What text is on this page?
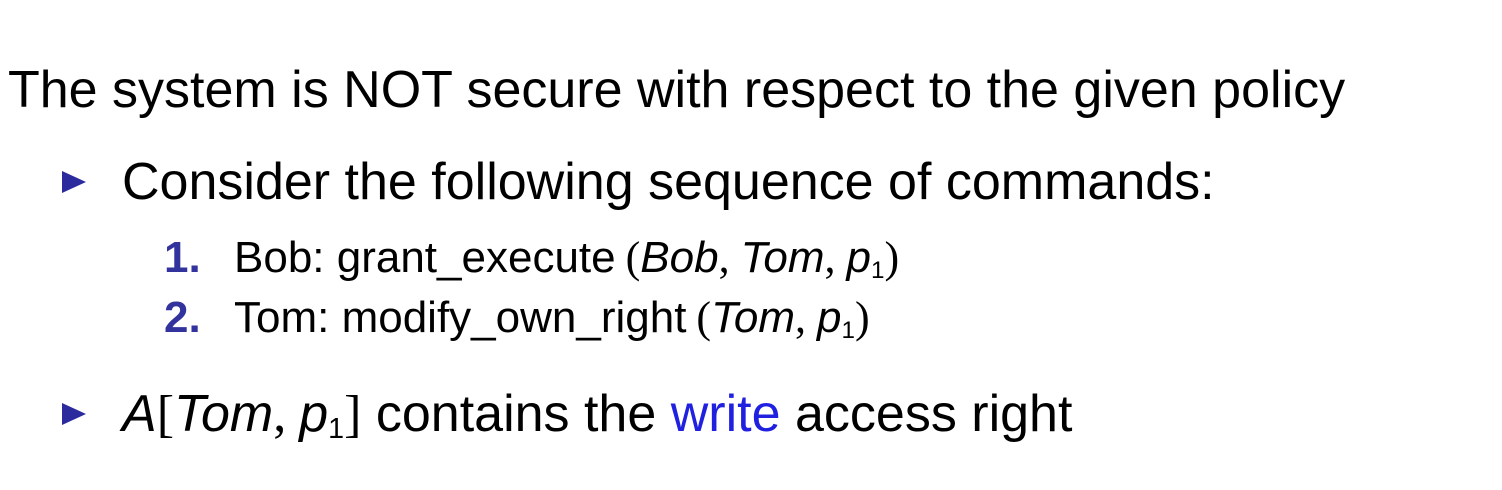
The system is NOT secure with respect to the given policy
Consider the following sequence of commands:
1. Bob: grant_execute (Bob, Tom, $p_1$)
2. Tom: modify_own_right (Tom, $p_1$)
A[Tom, $p_1$] contains the write access right
